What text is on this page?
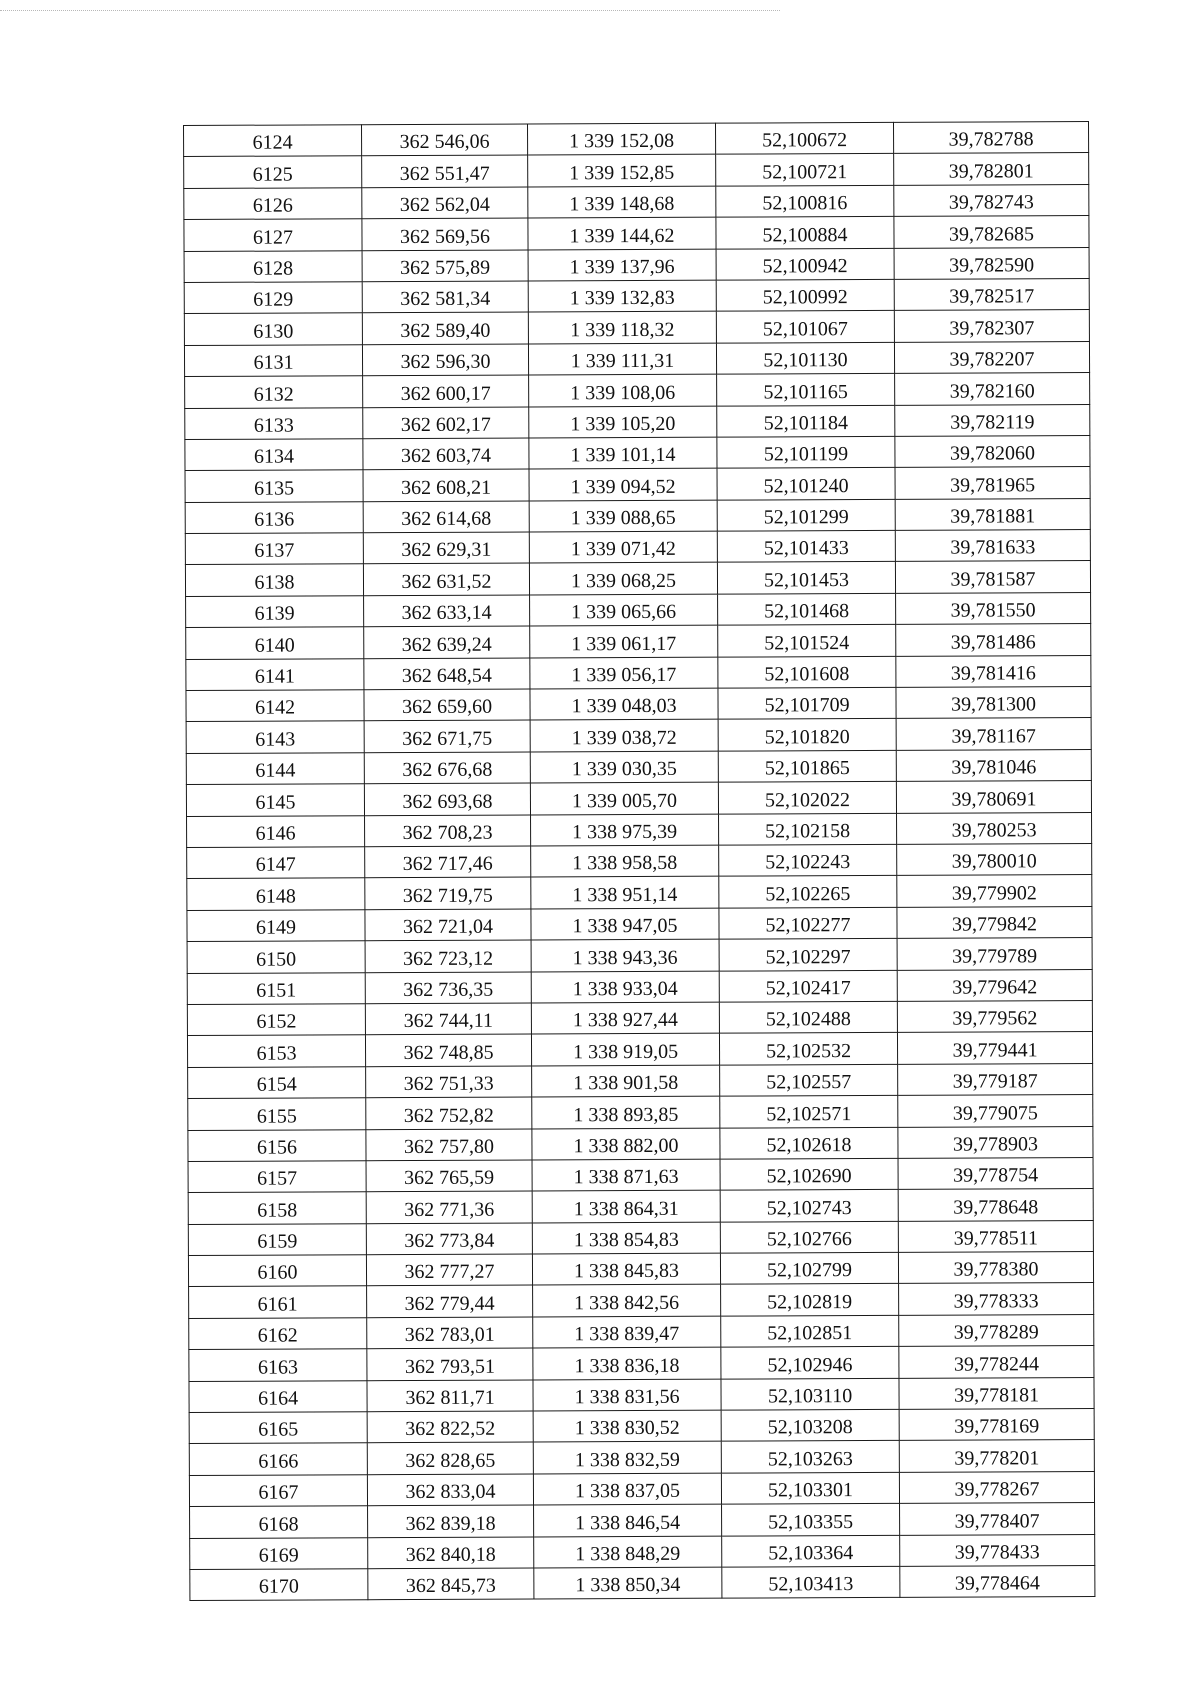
6124	362 546,06	1 339 152,08	52,100672	39,782788
6125	362 551,47	1 339 152,85	52,100721	39,782801
6126	362 562,04	1 339 148,68	52,100816	39,782743
6127	362 569,56	1 339 144,62	52,100884	39,782685
6128	362 575,89	1 339 137,96	52,100942	39,782590
6129	362 581,34	1 339 132,83	52,100992	39,782517
6130	362 589,40	1 339 118,32	52,101067	39,782307
6131	362 596,30	1 339 111,31	52,101130	39,782207
6132	362 600,17	1 339 108,06	52,101165	39,782160
6133	362 602,17	1 339 105,20	52,101184	39,782119
6134	362 603,74	1 339 101,14	52,101199	39,782060
6135	362 608,21	1 339 094,52	52,101240	39,781965
6136	362 614,68	1 339 088,65	52,101299	39,781881
6137	362 629,31	1 339 071,42	52,101433	39,781633
6138	362 631,52	1 339 068,25	52,101453	39,781587
6139	362 633,14	1 339 065,66	52,101468	39,781550
6140	362 639,24	1 339 061,17	52,101524	39,781486
6141	362 648,54	1 339 056,17	52,101608	39,781416
6142	362 659,60	1 339 048,03	52,101709	39,781300
6143	362 671,75	1 339 038,72	52,101820	39,781167
6144	362 676,68	1 339 030,35	52,101865	39,781046
6145	362 693,68	1 339 005,70	52,102022	39,780691
6146	362 708,23	1 338 975,39	52,102158	39,780253
6147	362 717,46	1 338 958,58	52,102243	39,780010
6148	362 719,75	1 338 951,14	52,102265	39,779902
6149	362 721,04	1 338 947,05	52,102277	39,779842
6150	362 723,12	1 338 943,36	52,102297	39,779789
6151	362 736,35	1 338 933,04	52,102417	39,779642
6152	362 744,11	1 338 927,44	52,102488	39,779562
6153	362 748,85	1 338 919,05	52,102532	39,779441
6154	362 751,33	1 338 901,58	52,102557	39,779187
6155	362 752,82	1 338 893,85	52,102571	39,779075
6156	362 757,80	1 338 882,00	52,102618	39,778903
6157	362 765,59	1 338 871,63	52,102690	39,778754
6158	362 771,36	1 338 864,31	52,102743	39,778648
6159	362 773,84	1 338 854,83	52,102766	39,778511
6160	362 777,27	1 338 845,83	52,102799	39,778380
6161	362 779,44	1 338 842,56	52,102819	39,778333
6162	362 783,01	1 338 839,47	52,102851	39,778289
6163	362 793,51	1 338 836,18	52,102946	39,778244
6164	362 811,71	1 338 831,56	52,103110	39,778181
6165	362 822,52	1 338 830,52	52,103208	39,778169
6166	362 828,65	1 338 832,59	52,103263	39,778201
6167	362 833,04	1 338 837,05	52,103301	39,778267
6168	362 839,18	1 338 846,54	52,103355	39,778407
6169	362 840,18	1 338 848,29	52,103364	39,778433
6170	362 845,73	1 338 850,34	52,103413	39,778464
